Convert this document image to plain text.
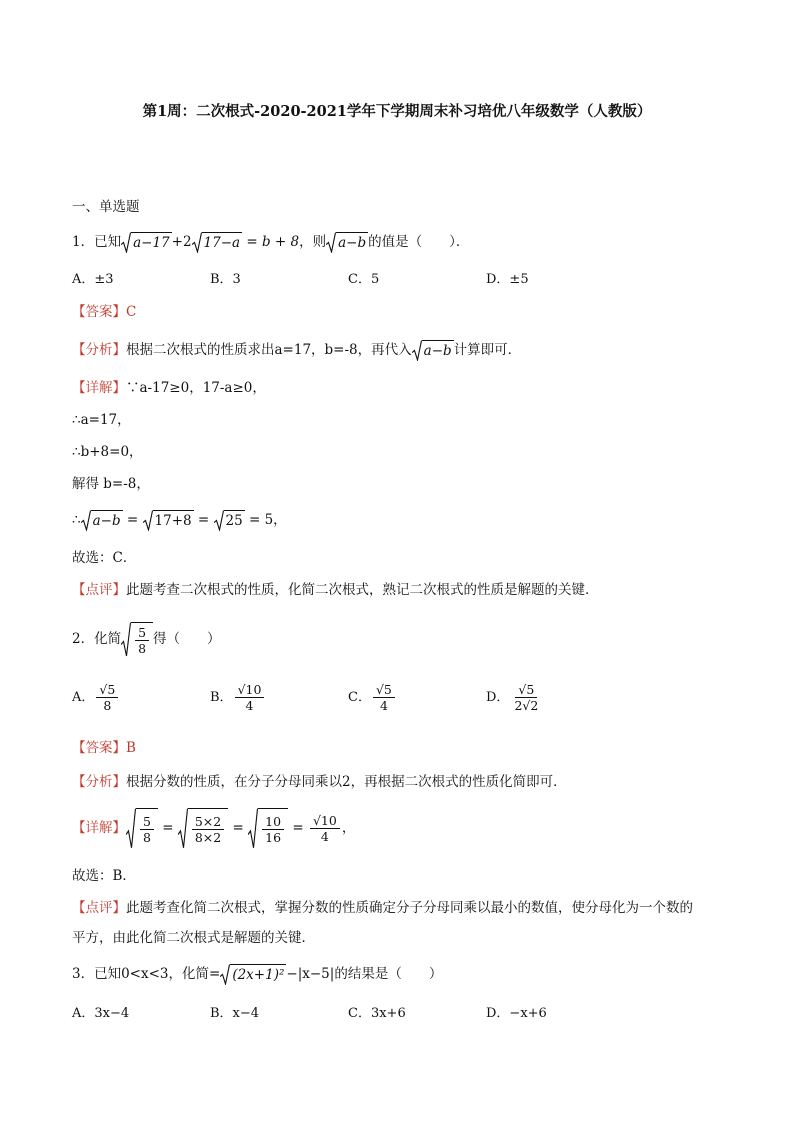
第1周：二次根式-2020-2021学年下学期周末补习培优八年级数学（人教版）
一、单选题
1．已知 a−17 +2 17−a = b + 8，则 a−b 的值是（　　）．
A．±3	B．3	C．5	D．±5
【答案】C
【分析】根据二次根式的性质求出a=17，b=-8，再代入 a−b 计算即可．
【详解】∵a-17≥0，17-a≥0，
∴a=17，
∴b+8=0，
解得 b=-8，
∴ a−b =
17+8 =
25 = 5，
故选：C．
【点评】此题考查二次根式的性质，化简二次根式，熟记二次根式的性质是解题的关键．
2．化简 $\frac{5}{8}$ 得（　　）
A． $\frac{√5}{8}$	B． $\frac{√10}{4}$	C． $\frac{√5}{4}$	D． $\frac{√5}{2√2}$
【答案】B
【分析】根据分数的性质，在分子分母同乘以2，再根据二次根式的性质化简即可．
【详解】 $\frac{5}{8} = \frac{5\times 2}{8\times 2} = \frac{10}{16} = \frac{√10}{4}$ ，
故选：B．
【点评】此题考查化简二次根式，掌握分数的性质确定分子分母同乘以最小的数值，使分母化为一个数的
平方，由此化简二次根式是解题的关键．
3．已知0<x<3，化简= (2x+1)² −|x−5|的结果是（　　）
A．3x−4	B．x−4	C．3x+6	D．−x+6
